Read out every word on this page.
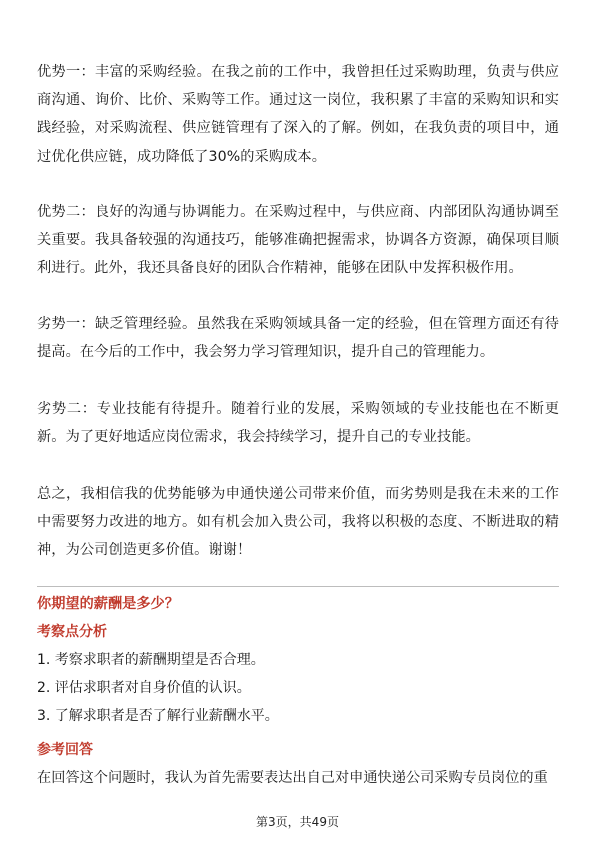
优势一：丰富的采购经验。在我之前的工作中，我曾担任过采购助理，负责与供应商沟通、询价、比价、采购等工作。通过这一岗位，我积累了丰富的采购知识和实践经验，对采购流程、供应链管理有了深入的了解。例如，在我负责的项目中，通过优化供应链，成功降低了30%的采购成本。

优势二：良好的沟通与协调能力。在采购过程中，与供应商、内部团队沟通协调至关重要。我具备较强的沟通技巧，能够准确把握需求，协调各方资源，确保项目顺利进行。此外，我还具备良好的团队合作精神，能够在团队中发挥积极作用。

劣势一：缺乏管理经验。虽然我在采购领域具备一定的经验，但在管理方面还有待提高。在今后的工作中，我会努力学习管理知识，提升自己的管理能力。

劣势二：专业技能有待提升。随着行业的发展，采购领域的专业技能也在不断更新。为了更好地适应岗位需求，我会持续学习，提升自己的专业技能。

总之，我相信我的优势能够为申通快递公司带来价值，而劣势则是我在未来的工作中需要努力改进的地方。如有机会加入贵公司，我将以积极的态度、不断进取的精神，为公司创造更多价值。谢谢！

你期望的薪酬是多少？

考察点分析

1. 考察求职者的薪酬期望是否合理。

2. 评估求职者对自身价值的认识。

3. 了解求职者是否了解行业薪酬水平。

参考回答

在回答这个问题时，我认为首先需要表达出自己对申通快递公司采购专员岗位的重

第3页，共49页
